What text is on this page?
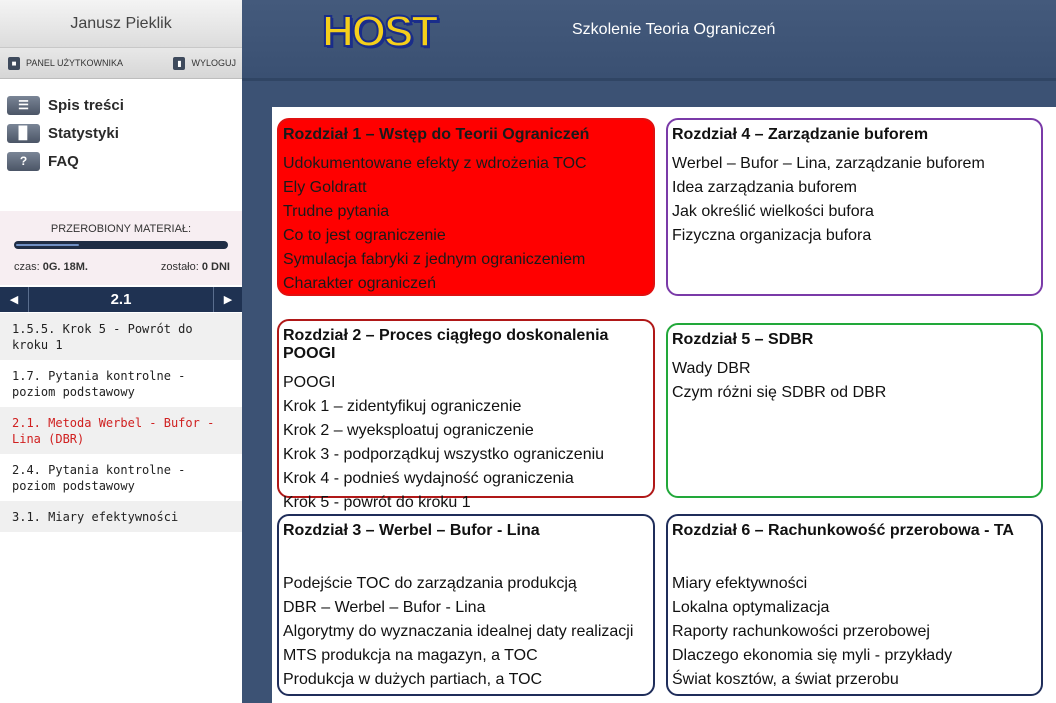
Janusz Pieklik
■	PANEL UŻYTKOWNIKA	▮	WYLOGUJ
☰	Spis treści
▉	Statystyki
?	FAQ
PRZEROBIONY MATERIAŁ:
czas: 0G. 18M.	zostało: 0 DNI
◀	2.1	▶
1.5.5. Krok 5 - Powrót do kroku 1
1.7. Pytania kontrolne - poziom podstawowy
2.1. Metoda Werbel - Bufor - Lina (DBR)
2.4. Pytania kontrolne - poziom podstawowy
3.1. Miary efektywności
HOST	Szkolenie Teoria Ograniczeń
Rozdział 1 – Wstęp do Teorii Ograniczeń
Udokumentowane efekty z wdrożenia TOC
Ely Goldratt
Trudne pytania
Co to jest ograniczenie
Symulacja fabryki z jednym ograniczeniem
Charakter ograniczeń
Rozdział 4 – Zarządzanie buforem
Werbel – Bufor – Lina, zarządzanie buforem
Idea zarządzania buforem
Jak określić wielkości bufora
Fizyczna organizacja bufora
Rozdział 2 – Proces ciągłego doskonalenia POOGI
POOGI
Krok 1 – zidentyfikuj ograniczenie
Krok 2 – wyeksploatuj ograniczenie
Krok 3 - podporządkuj wszystko ograniczeniu
Krok 4 - podnieś wydajność ograniczenia
Krok 5 - powrót do kroku 1
Rozdział 5 – SDBR
Wady DBR
Czym różni się SDBR od DBR
Rozdział 3 – Werbel – Bufor - Lina
Podejście TOC do zarządzania produkcją
DBR – Werbel – Bufor - Lina
Algorytmy do wyznaczania idealnej daty realizacji
MTS produkcja na magazyn, a TOC
Produkcja w dużych partiach, a TOC
Rozdział 6 – Rachunkowość przerobowa - TA
Miary efektywności
Lokalna optymalizacja
Raporty rachunkowości przerobowej
Dlaczego ekonomia się myli - przykłady
Świat kosztów, a świat przerobu
